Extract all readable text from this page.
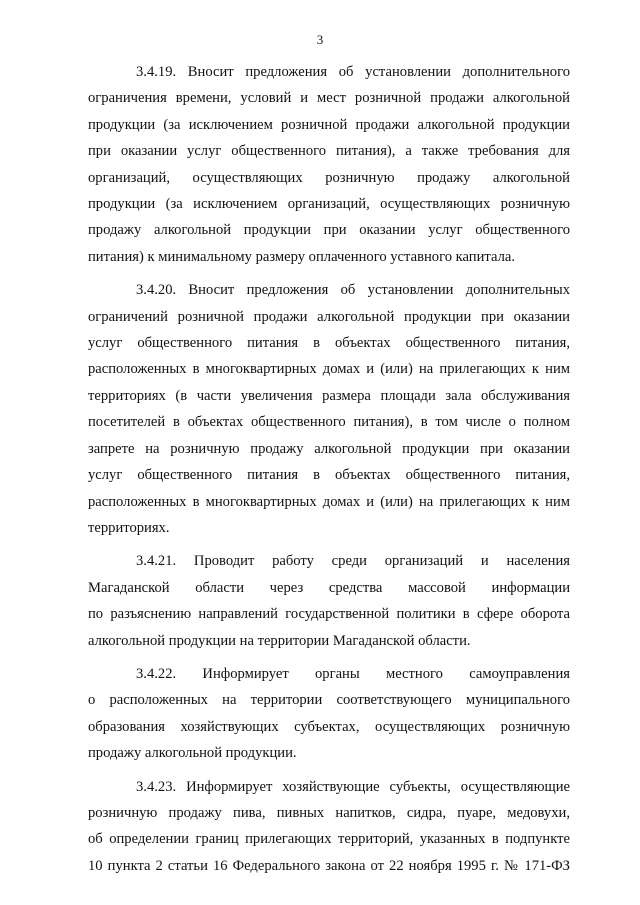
3
3.4.19. Вносит предложения об установлении дополнительного
ограничения времени, условий и мест розничной продажи алкогольной
продукции (за исключением розничной продажи алкогольной продукции
при оказании услуг общественного питания), а также требования для
организаций, осуществляющих розничную продажу алкогольной
продукции (за исключением организаций, осуществляющих розничную
продажу алкогольной продукции при оказании услуг общественного
питания) к минимальному размеру оплаченного уставного капитала.
3.4.20. Вносит предложения об установлении дополнительных
ограничений розничной продажи алкогольной продукции при оказании
услуг общественного питания в объектах общественного питания,
расположенных в многоквартирных домах и (или) на прилегающих к ним
территориях (в части увеличения размера площади зала обслуживания
посетителей в объектах общественного питания), в том числе о полном
запрете на розничную продажу алкогольной продукции при оказании
услуг общественного питания в объектах общественного питания,
расположенных в многоквартирных домах и (или) на прилегающих к ним
территориях.
3.4.21. Проводит работу среди организаций и населения
Магаданской области через средства массовой информации
по разъяснению направлений государственной политики в сфере оборота
алкогольной продукции на территории Магаданской области.
3.4.22. Информирует органы местного самоуправления
о расположенных на территории соответствующего муниципального
образования хозяйствующих субъектах, осуществляющих розничную
продажу алкогольной продукции.
3.4.23. Информирует хозяйствующие субъекты, осуществляющие
розничную продажу пива, пивных напитков, сидра, пуаре, медовухи,
об определении границ прилегающих территорий, указанных в подпункте
10 пункта 2 статьи 16 Федерального закона от 22 ноября 1995 г. № 171-ФЗ
